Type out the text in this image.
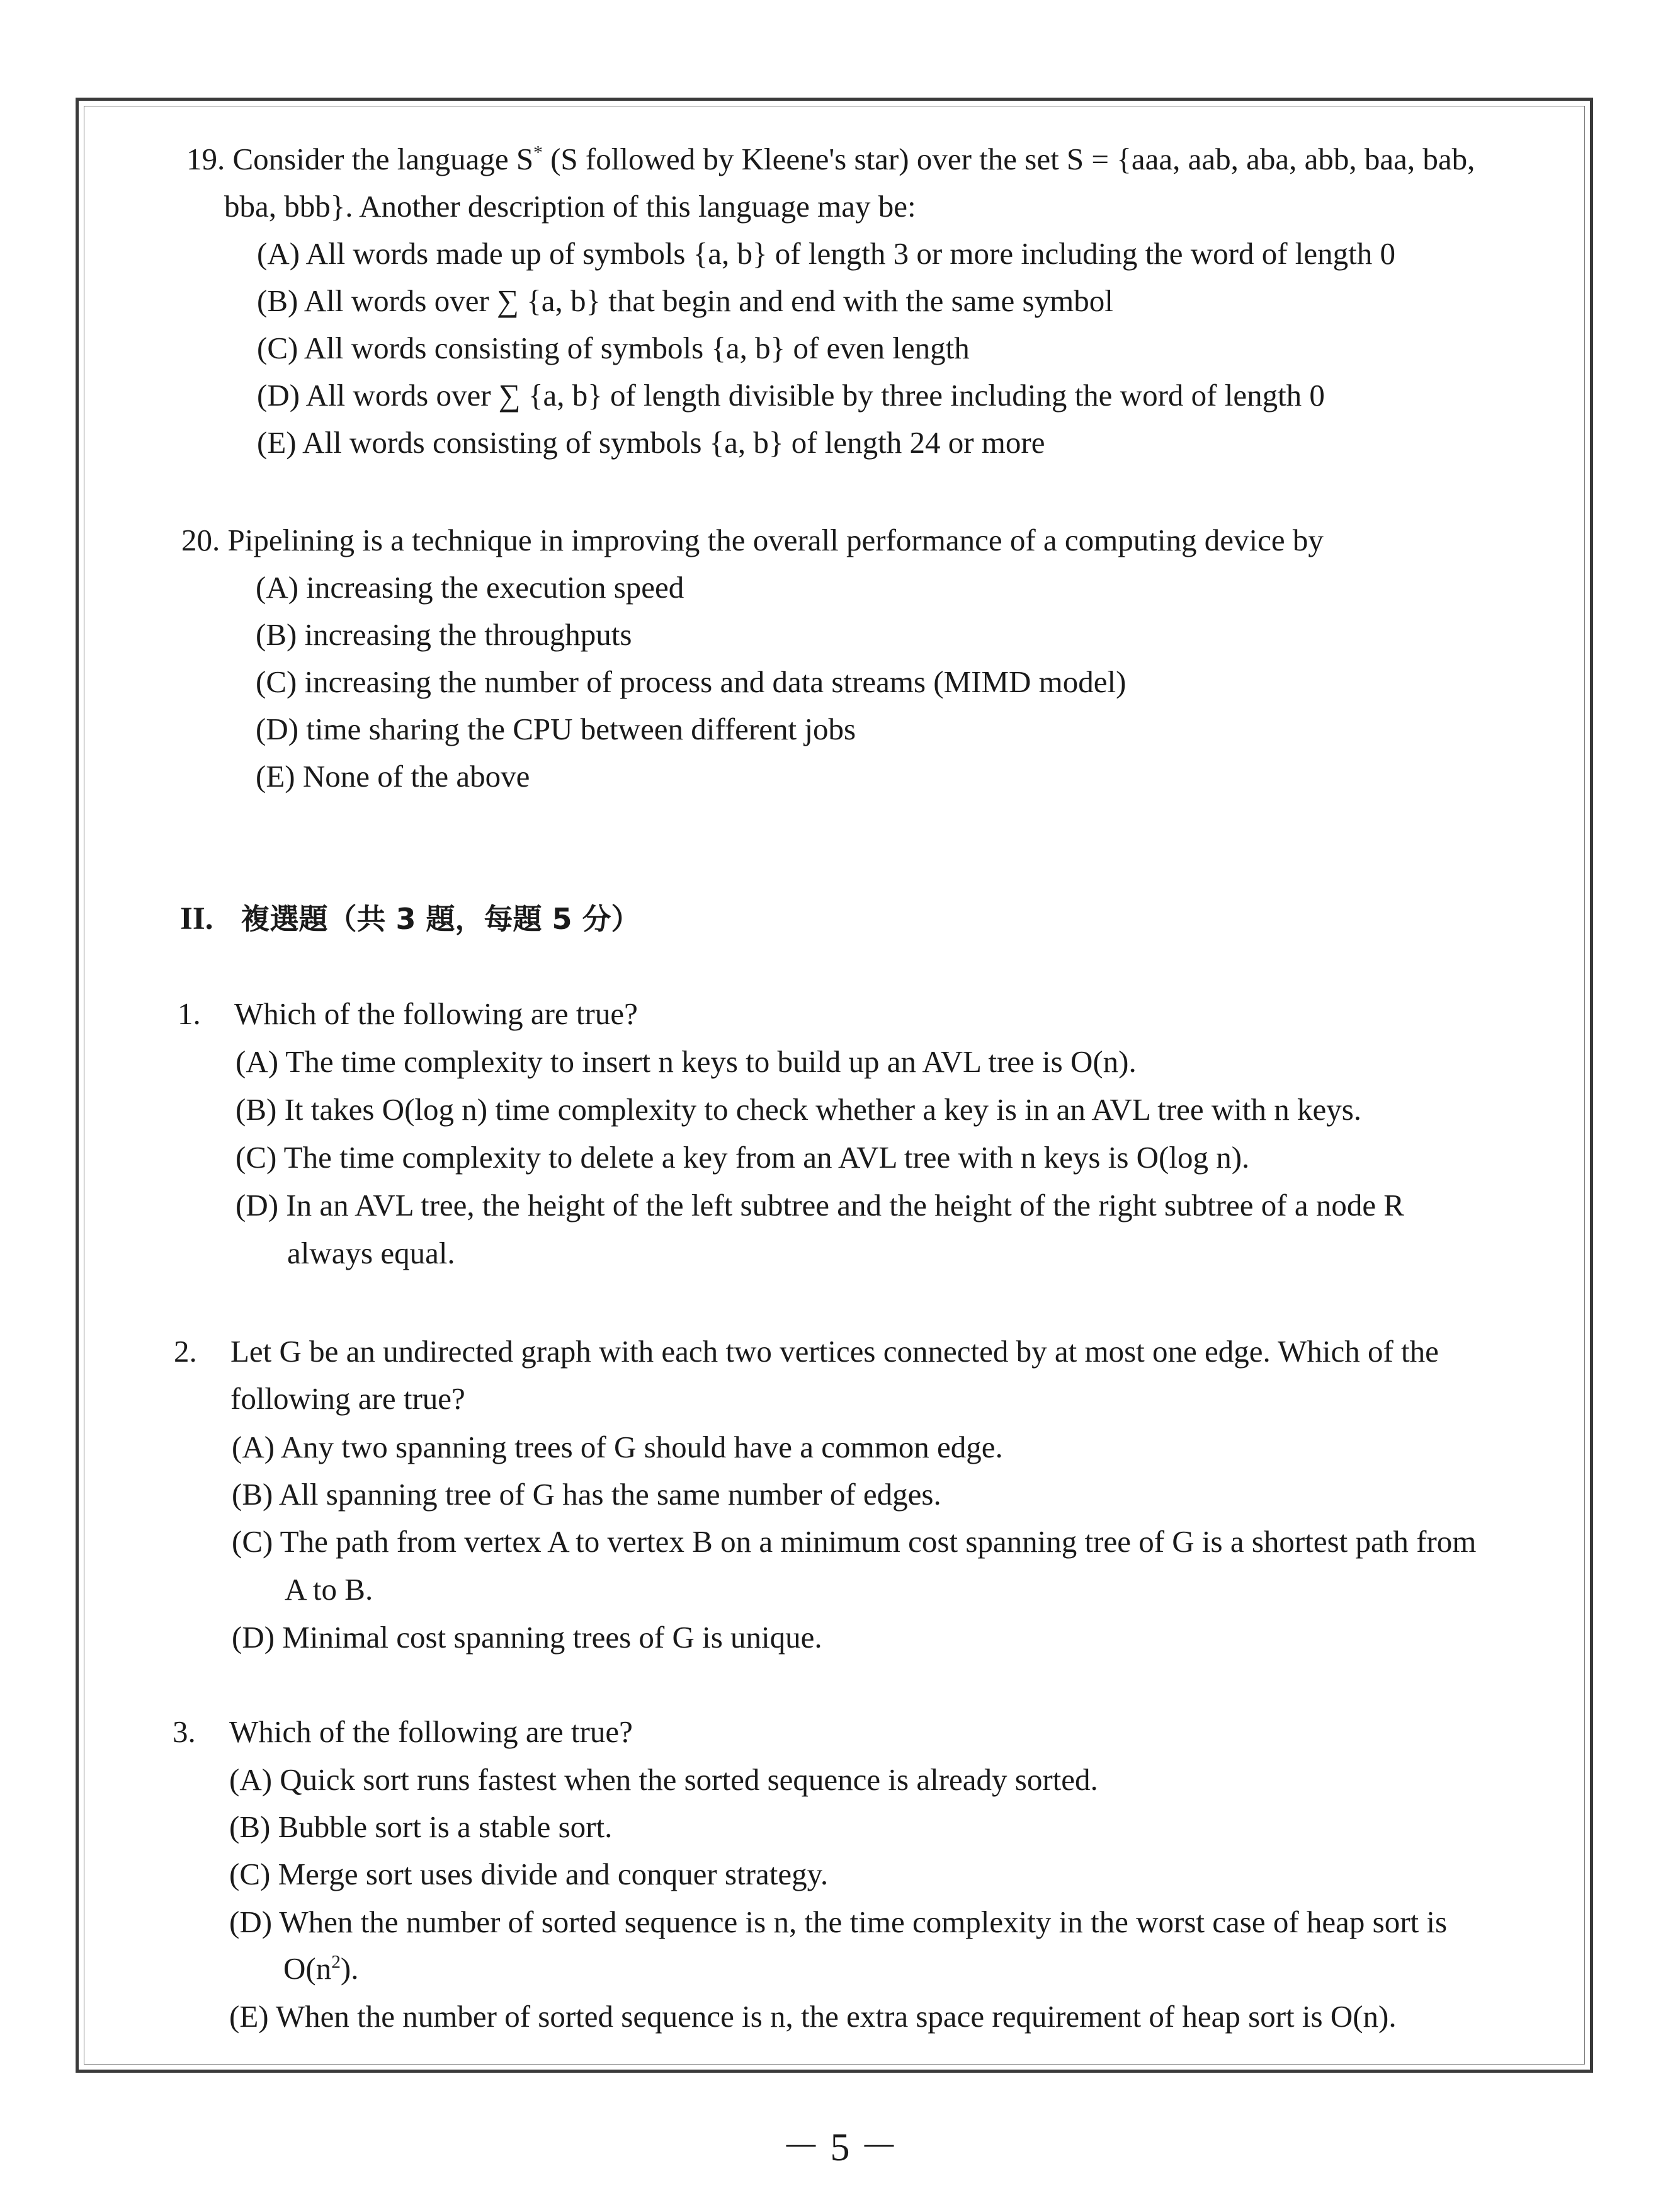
19. Consider the language S* (S followed by Kleene's star) over the set S = {aaa, aab, aba, abb, baa, bab,
bba, bbb}. Another description of this language may be:
(A) All words made up of symbols {a, b} of length 3 or more including the word of length 0
(B) All words over ∑ {a, b} that begin and end with the same symbol
(C) All words consisting of symbols {a, b} of even length
(D) All words over ∑ {a, b} of length divisible by three including the word of length 0
(E) All words consisting of symbols {a, b} of length 24 or more
20. Pipelining is a technique in improving the overall performance of a computing device by
(A) increasing the execution speed
(B) increasing the throughputs
(C) increasing the number of process and data streams (MIMD model)
(D) time sharing the CPU between different jobs
(E) None of the above
II. 複選題（共 3 題，每題 5 分）
1. Which of the following are true?
(A) The time complexity to insert n keys to build up an AVL tree is O(n).
(B) It takes O(log n) time complexity to check whether a key is in an AVL tree with n keys.
(C) The time complexity to delete a key from an AVL tree with n keys is O(log n).
(D) In an AVL tree, the height of the left subtree and the height of the right subtree of a node R
always equal.
2. Let G be an undirected graph with each two vertices connected by at most one edge. Which of the
following are true?
(A) Any two spanning trees of G should have a common edge.
(B) All spanning tree of G has the same number of edges.
(C) The path from vertex A to vertex B on a minimum cost spanning tree of G is a shortest path from
A to B.
(D) Minimal cost spanning trees of G is unique.
3. Which of the following are true?
(A) Quick sort runs fastest when the sorted sequence is already sorted.
(B) Bubble sort is a stable sort.
(C) Merge sort uses divide and conquer strategy.
(D) When the number of sorted sequence is n, the time complexity in the worst case of heap sort is
$O(n^2)$.
(E) When the number of sorted sequence is n, the extra space requirement of heap sort is O(n).
－ 5 －
